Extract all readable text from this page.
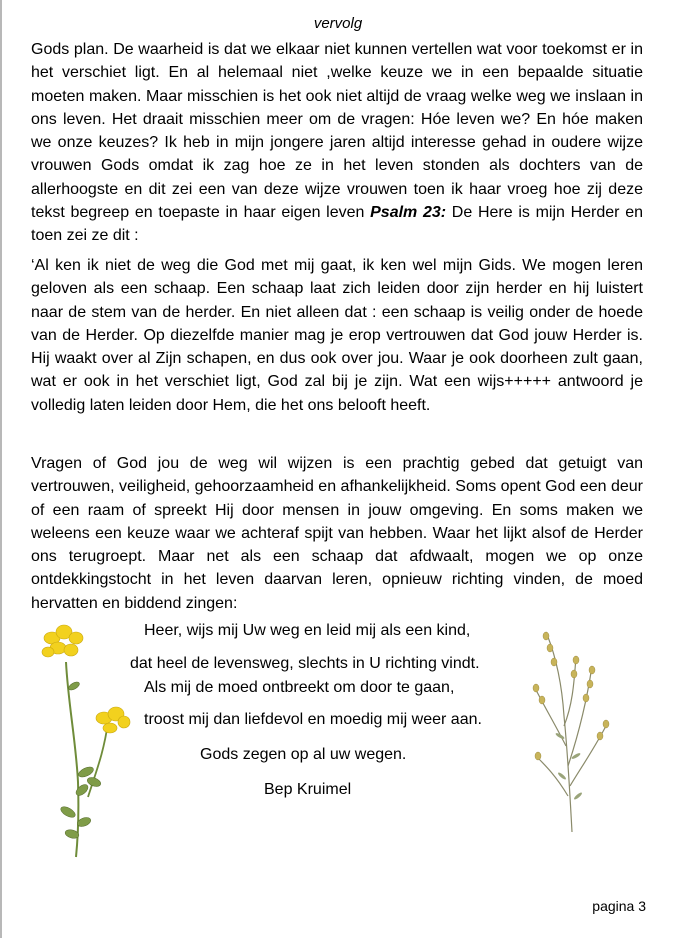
vervolg

Gods plan. De waarheid is dat we elkaar niet kunnen vertellen wat voor toekomst er in het verschiet ligt. En al helemaal niet ,welke keuze we in een bepaalde situatie moeten maken. Maar misschien is het ook niet altijd de vraag welke weg we inslaan in ons leven. Het draait misschien meer om de vragen: Hóe leven we? En hóe maken we onze keuzes? Ik heb in mijn jongere jaren altijd interesse gehad in oudere wijze vrouwen Gods omdat ik zag hoe ze in het leven stonden als dochters van de allerhoogste en dit zei een van deze wijze vrouwen toen ik haar vroeg hoe zij deze tekst begreep en toepaste in haar eigen leven Psalm 23: De Here is mijn Herder en toen zei ze dit :

‘Al ken ik niet de weg die God met mij gaat, ik ken wel mijn Gids. We mogen leren geloven als een schaap. Een schaap laat zich leiden door zijn herder en hij luistert naar de stem van de herder. En niet alleen dat : een schaap is veilig onder de hoede van de Herder. Op diezelfde manier mag je erop vertrouwen dat God jouw Herder is. Hij waakt over al Zijn schapen, en dus ook over jou. Waar je ook doorheen zult gaan, wat er ook in het verschiet ligt, God zal bij je zijn. Wat een wijs+++++ antwoord je volledig laten leiden door Hem, die het ons belooft heeft.

Vragen of God jou de weg wil wijzen is een prachtig gebed dat getuigt van vertrouwen, veiligheid, gehoorzaamheid en afhankelijkheid. Soms opent God een deur of een raam of spreekt Hij door mensen in jouw omgeving. En soms maken we weleens een keuze waar we achteraf spijt van hebben. Waar het lijkt alsof de Herder ons terugroept. Maar net als een schaap dat afdwaalt, mogen we op onze ontdekkingstocht in het leven daarvan leren, opnieuw richting vinden, de moed hervatten en biddend zingen:

Heer, wijs mij Uw weg en leid mij als een kind,
dat heel de levensweg, slechts in U richting vindt.
Als mij de moed ontbreekt om door te gaan,
troost mij dan liefdevol en moedig mij weer aan.
Gods zegen op al uw wegen.
Bep Kruimel
pagina 3
